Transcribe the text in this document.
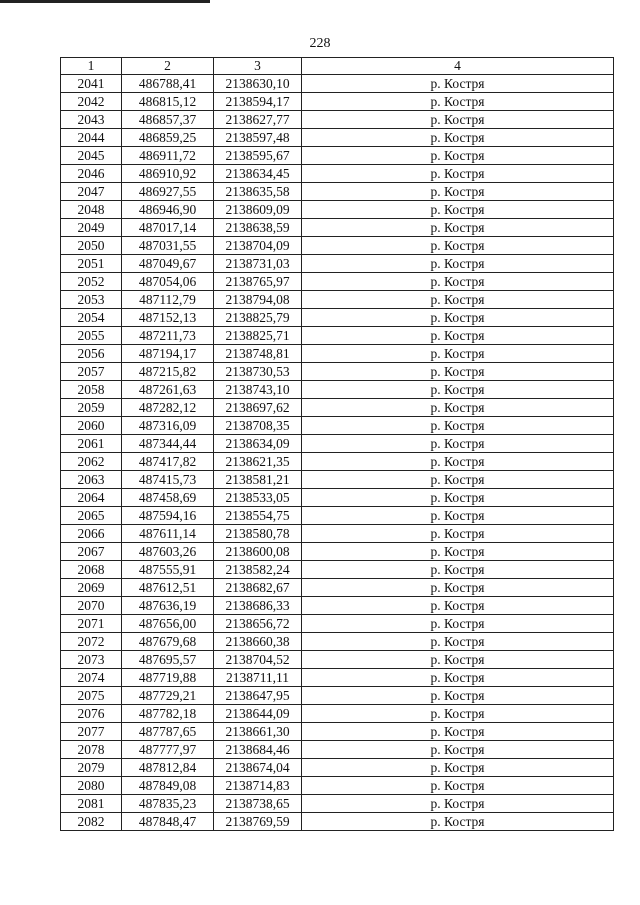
228
1	2	3	4
2041	486788,41	2138630,10	р. Костря
2042	486815,12	2138594,17	р. Костря
2043	486857,37	2138627,77	р. Костря
2044	486859,25	2138597,48	р. Костря
2045	486911,72	2138595,67	р. Костря
2046	486910,92	2138634,45	р. Костря
2047	486927,55	2138635,58	р. Костря
2048	486946,90	2138609,09	р. Костря
2049	487017,14	2138638,59	р. Костря
2050	487031,55	2138704,09	р. Костря
2051	487049,67	2138731,03	р. Костря
2052	487054,06	2138765,97	р. Костря
2053	487112,79	2138794,08	р. Костря
2054	487152,13	2138825,79	р. Костря
2055	487211,73	2138825,71	р. Костря
2056	487194,17	2138748,81	р. Костря
2057	487215,82	2138730,53	р. Костря
2058	487261,63	2138743,10	р. Костря
2059	487282,12	2138697,62	р. Костря
2060	487316,09	2138708,35	р. Костря
2061	487344,44	2138634,09	р. Костря
2062	487417,82	2138621,35	р. Костря
2063	487415,73	2138581,21	р. Костря
2064	487458,69	2138533,05	р. Костря
2065	487594,16	2138554,75	р. Костря
2066	487611,14	2138580,78	р. Костря
2067	487603,26	2138600,08	р. Костря
2068	487555,91	2138582,24	р. Костря
2069	487612,51	2138682,67	р. Костря
2070	487636,19	2138686,33	р. Костря
2071	487656,00	2138656,72	р. Костря
2072	487679,68	2138660,38	р. Костря
2073	487695,57	2138704,52	р. Костря
2074	487719,88	2138711,11	р. Костря
2075	487729,21	2138647,95	р. Костря
2076	487782,18	2138644,09	р. Костря
2077	487787,65	2138661,30	р. Костря
2078	487777,97	2138684,46	р. Костря
2079	487812,84	2138674,04	р. Костря
2080	487849,08	2138714,83	р. Костря
2081	487835,23	2138738,65	р. Костря
2082	487848,47	2138769,59	р. Костря
